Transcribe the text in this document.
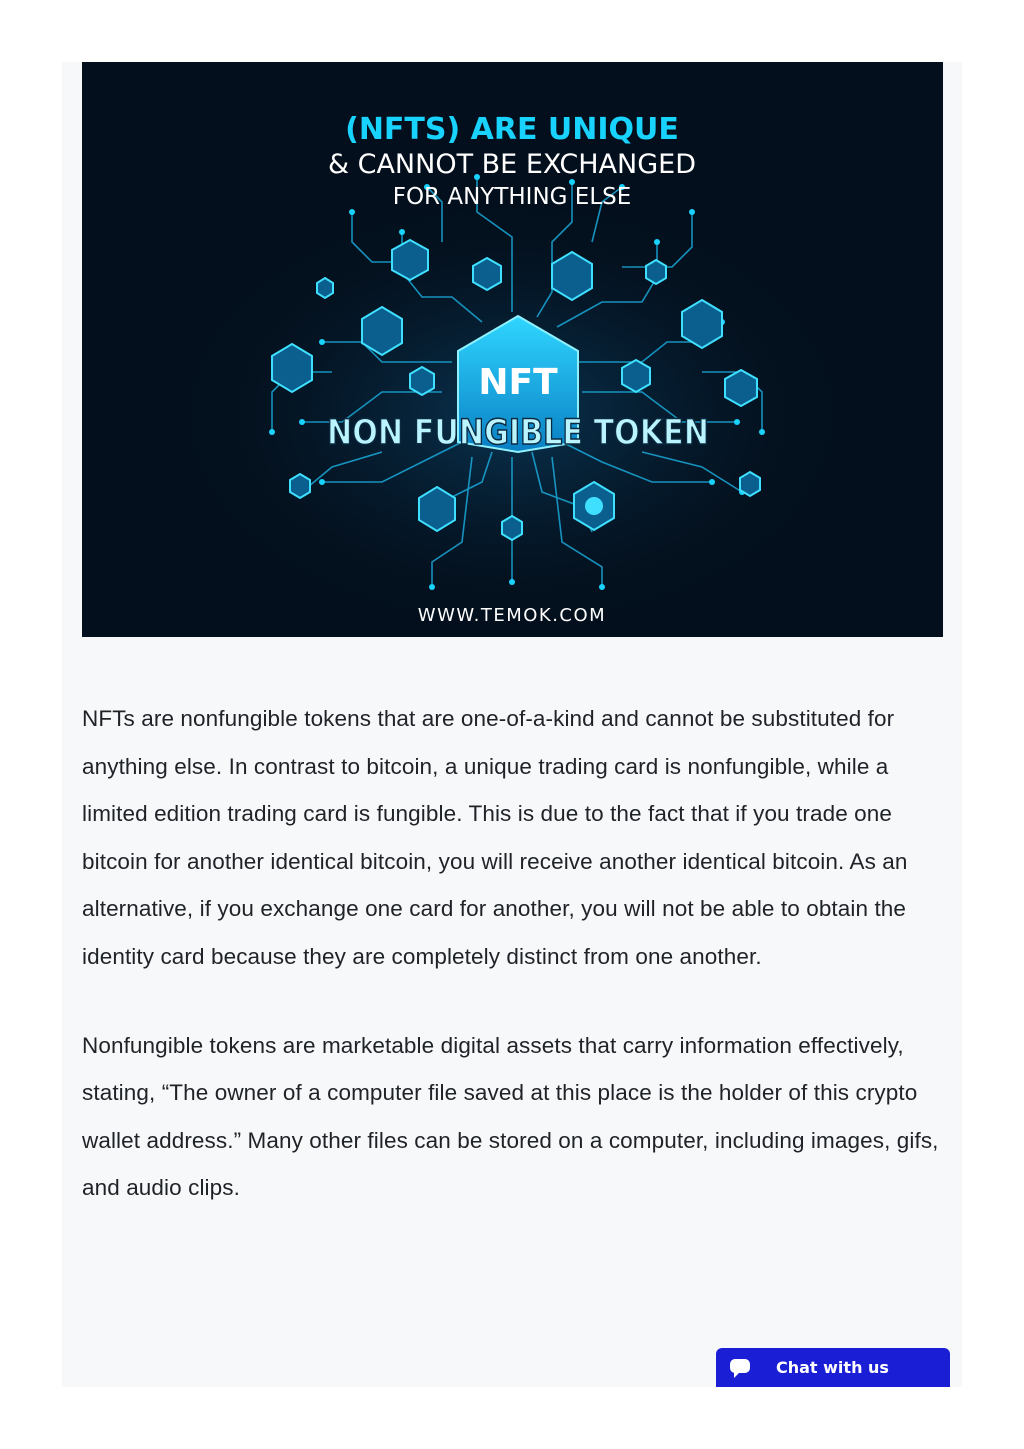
NFT
NON FUNGIBLE TOKEN
(NFTS) ARE UNIQUE
& CANNOT BE EXCHANGED
FOR ANYTHING ELSE
WWW.TEMOK.COM

NFTs are nonfungible tokens that are one-of-a-kind and cannot be substituted for anything else. In contrast to bitcoin, a unique trading card is nonfungible, while a limited edition trading card is fungible. This is due to the fact that if you trade one bitcoin for another identical bitcoin, you will receive another identical bitcoin. As an alternative, if you exchange one card for another, you will not be able to obtain the identity card because they are completely distinct from one another.

Nonfungible tokens are marketable digital assets that carry information effectively, stating, “The owner of a computer file saved at this place is the holder of this crypto wallet address.” Many other files can be stored on a computer, including images, gifs, and audio clips.

Chat with us
